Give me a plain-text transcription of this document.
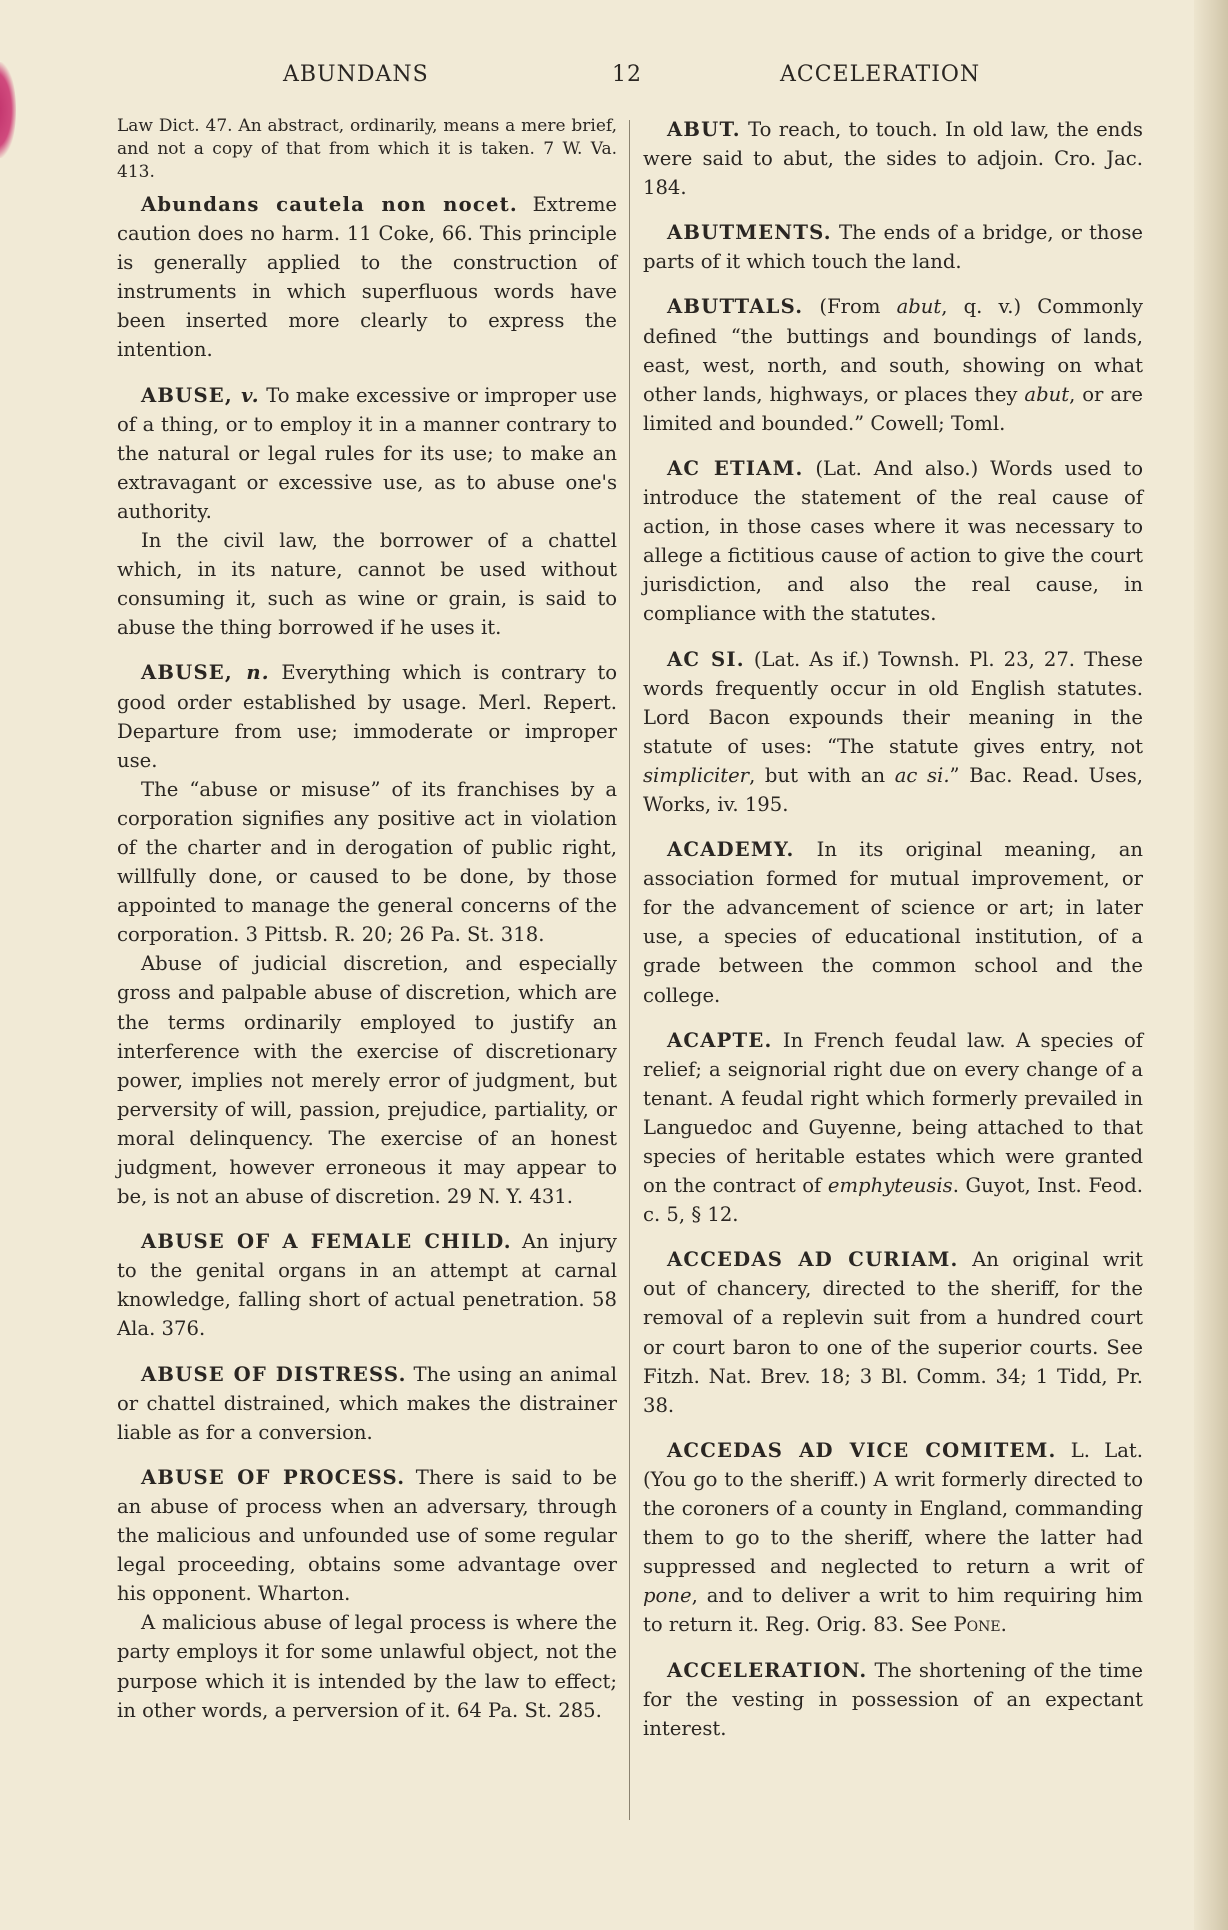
ABUNDANS	12	ACCELERATION

Law Dict. 47. An abstract, ordinarily, means a mere brief, and not a copy of that from which it is taken. 7 W. Va. 413.

Abundans cautela non nocet. Extreme caution does no harm. 11 Coke, 66. This principle is generally applied to the construction of instruments in which superfluous words have been inserted more clearly to express the intention.

ABUSE, v. To make excessive or improper use of a thing, or to employ it in a manner contrary to the natural or legal rules for its use; to make an extravagant or excessive use, as to abuse one's authority.

In the civil law, the borrower of a chattel which, in its nature, cannot be used without consuming it, such as wine or grain, is said to abuse the thing borrowed if he uses it.

ABUSE, n. Everything which is contrary to good order established by usage. Merl. Repert. Departure from use; immoderate or improper use.

The “abuse or misuse” of its franchises by a corporation signifies any positive act in violation of the charter and in derogation of public right, willfully done, or caused to be done, by those appointed to manage the general concerns of the corporation. 3 Pittsb. R. 20; 26 Pa. St. 318.

Abuse of judicial discretion, and especially gross and palpable abuse of discretion, which are the terms ordinarily employed to justify an interference with the exercise of discretionary power, implies not merely error of judgment, but perversity of will, passion, prejudice, partiality, or moral delinquency. The exercise of an honest judgment, however erroneous it may appear to be, is not an abuse of discretion. 29 N. Y. 431.

ABUSE OF A FEMALE CHILD. An injury to the genital organs in an attempt at carnal knowledge, falling short of actual penetration. 58 Ala. 376.

ABUSE OF DISTRESS. The using an animal or chattel distrained, which makes the distrainer liable as for a conversion.

ABUSE OF PROCESS. There is said to be an abuse of process when an adversary, through the malicious and unfounded use of some regular legal proceeding, obtains some advantage over his opponent. Wharton.

A malicious abuse of legal process is where the party employs it for some unlawful object, not the purpose which it is intended by the law to effect; in other words, a perversion of it. 64 Pa. St. 285.

ABUT. To reach, to touch. In old law, the ends were said to abut, the sides to adjoin. Cro. Jac. 184.

ABUTMENTS. The ends of a bridge, or those parts of it which touch the land.

ABUTTALS. (From abut, q. v.) Commonly defined “the buttings and boundings of lands, east, west, north, and south, showing on what other lands, highways, or places they abut, or are limited and bounded.” Cowell; Toml.

AC ETIAM. (Lat. And also.) Words used to introduce the statement of the real cause of action, in those cases where it was necessary to allege a fictitious cause of action to give the court jurisdiction, and also the real cause, in compliance with the statutes.

AC SI. (Lat. As if.) Townsh. Pl. 23, 27. These words frequently occur in old English statutes. Lord Bacon expounds their meaning in the statute of uses: “The statute gives entry, not simpliciter, but with an ac si.” Bac. Read. Uses, Works, iv. 195.

ACADEMY. In its original meaning, an association formed for mutual improvement, or for the advancement of science or art; in later use, a species of educational institution, of a grade between the common school and the college.

ACAPTE. In French feudal law. A species of relief; a seignorial right due on every change of a tenant. A feudal right which formerly prevailed in Languedoc and Guyenne, being attached to that species of heritable estates which were granted on the contract of emphyteusis. Guyot, Inst. Feod. c. 5, § 12.

ACCEDAS AD CURIAM. An original writ out of chancery, directed to the sheriff, for the removal of a replevin suit from a hundred court or court baron to one of the superior courts. See Fitzh. Nat. Brev. 18; 3 Bl. Comm. 34; 1 Tidd, Pr. 38.

ACCEDAS AD VICE COMITEM. L. Lat. (You go to the sheriff.) A writ formerly directed to the coroners of a county in England, commanding them to go to the sheriff, where the latter had suppressed and neglected to return a writ of pone, and to deliver a writ to him requiring him to return it. Reg. Orig. 83. See Pone.

ACCELERATION. The shortening of the time for the vesting in possession of an expectant interest.
